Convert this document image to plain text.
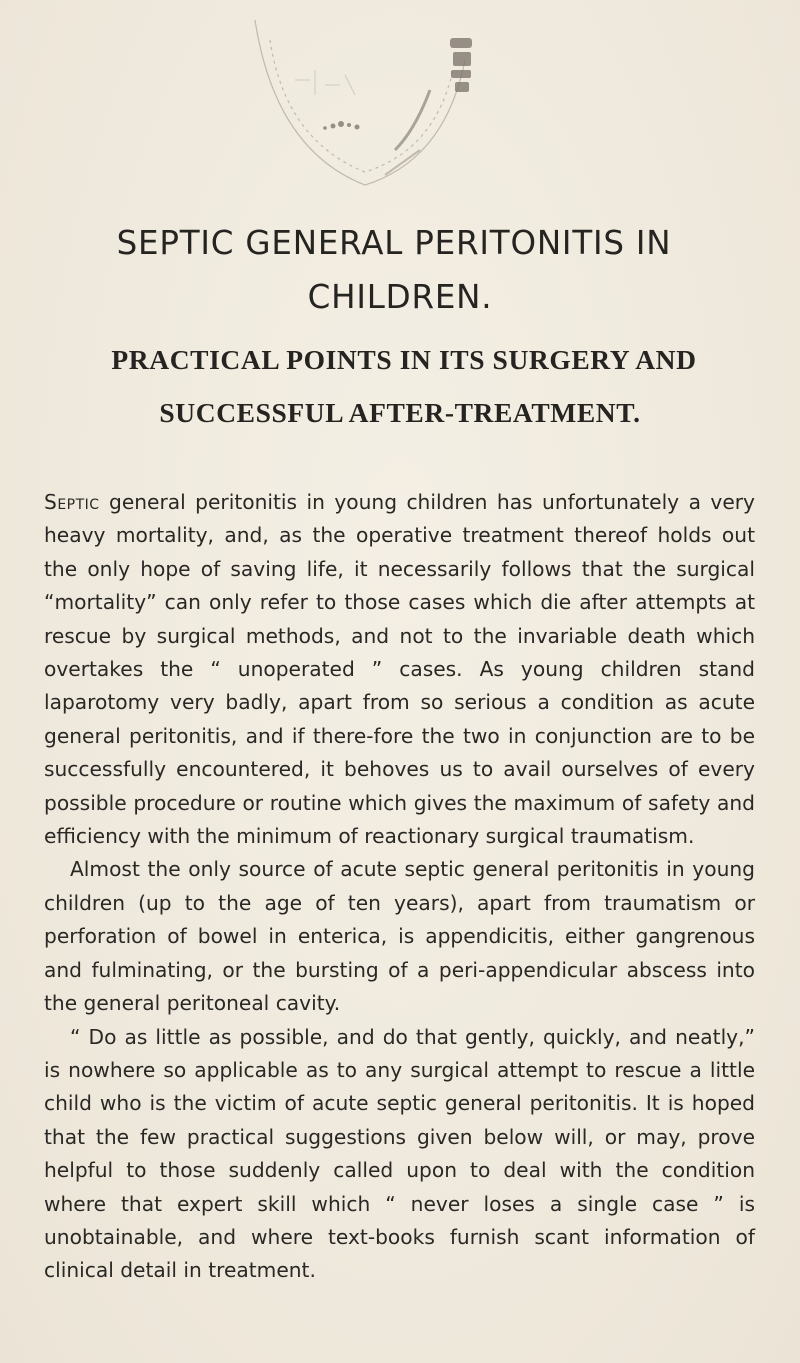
SEPTIC GENERAL PERITONITIS IN
CHILDREN.
PRACTICAL POINTS IN ITS SURGERY AND
SUCCESSFUL AFTER-TREATMENT.

Septic general peritonitis in young children has unfortunately a very heavy mortality, and, as the operative treatment thereof holds out the only hope of saving life, it necessarily follows that the surgical “mortality” can only refer to those cases which die after attempts at rescue by surgical methods, and not to the invariable death which overtakes the “ unoperated ” cases. As young children stand laparotomy very badly, apart from so serious a condition as acute general peritonitis, and if there-fore the two in conjunction are to be successfully encountered, it behoves us to avail ourselves of every possible procedure or routine which gives the maximum of safety and efficiency with the minimum of reactionary surgical traumatism.

Almost the only source of acute septic general peritonitis in young children (up to the age of ten years), apart from traumatism or perforation of bowel in enterica, is appendicitis, either gangrenous and fulminating, or the bursting of a peri-appendicular abscess into the general peritoneal cavity.

“ Do as little as possible, and do that gently, quickly, and neatly,” is nowhere so applicable as to any surgical attempt to rescue a little child who is the victim of acute septic general peritonitis. It is hoped that the few practical suggestions given below will, or may, prove helpful to those suddenly called upon to deal with the condition where that expert skill which “ never loses a single case ” is unobtainable, and where text-books furnish scant information of clinical detail in treatment.
